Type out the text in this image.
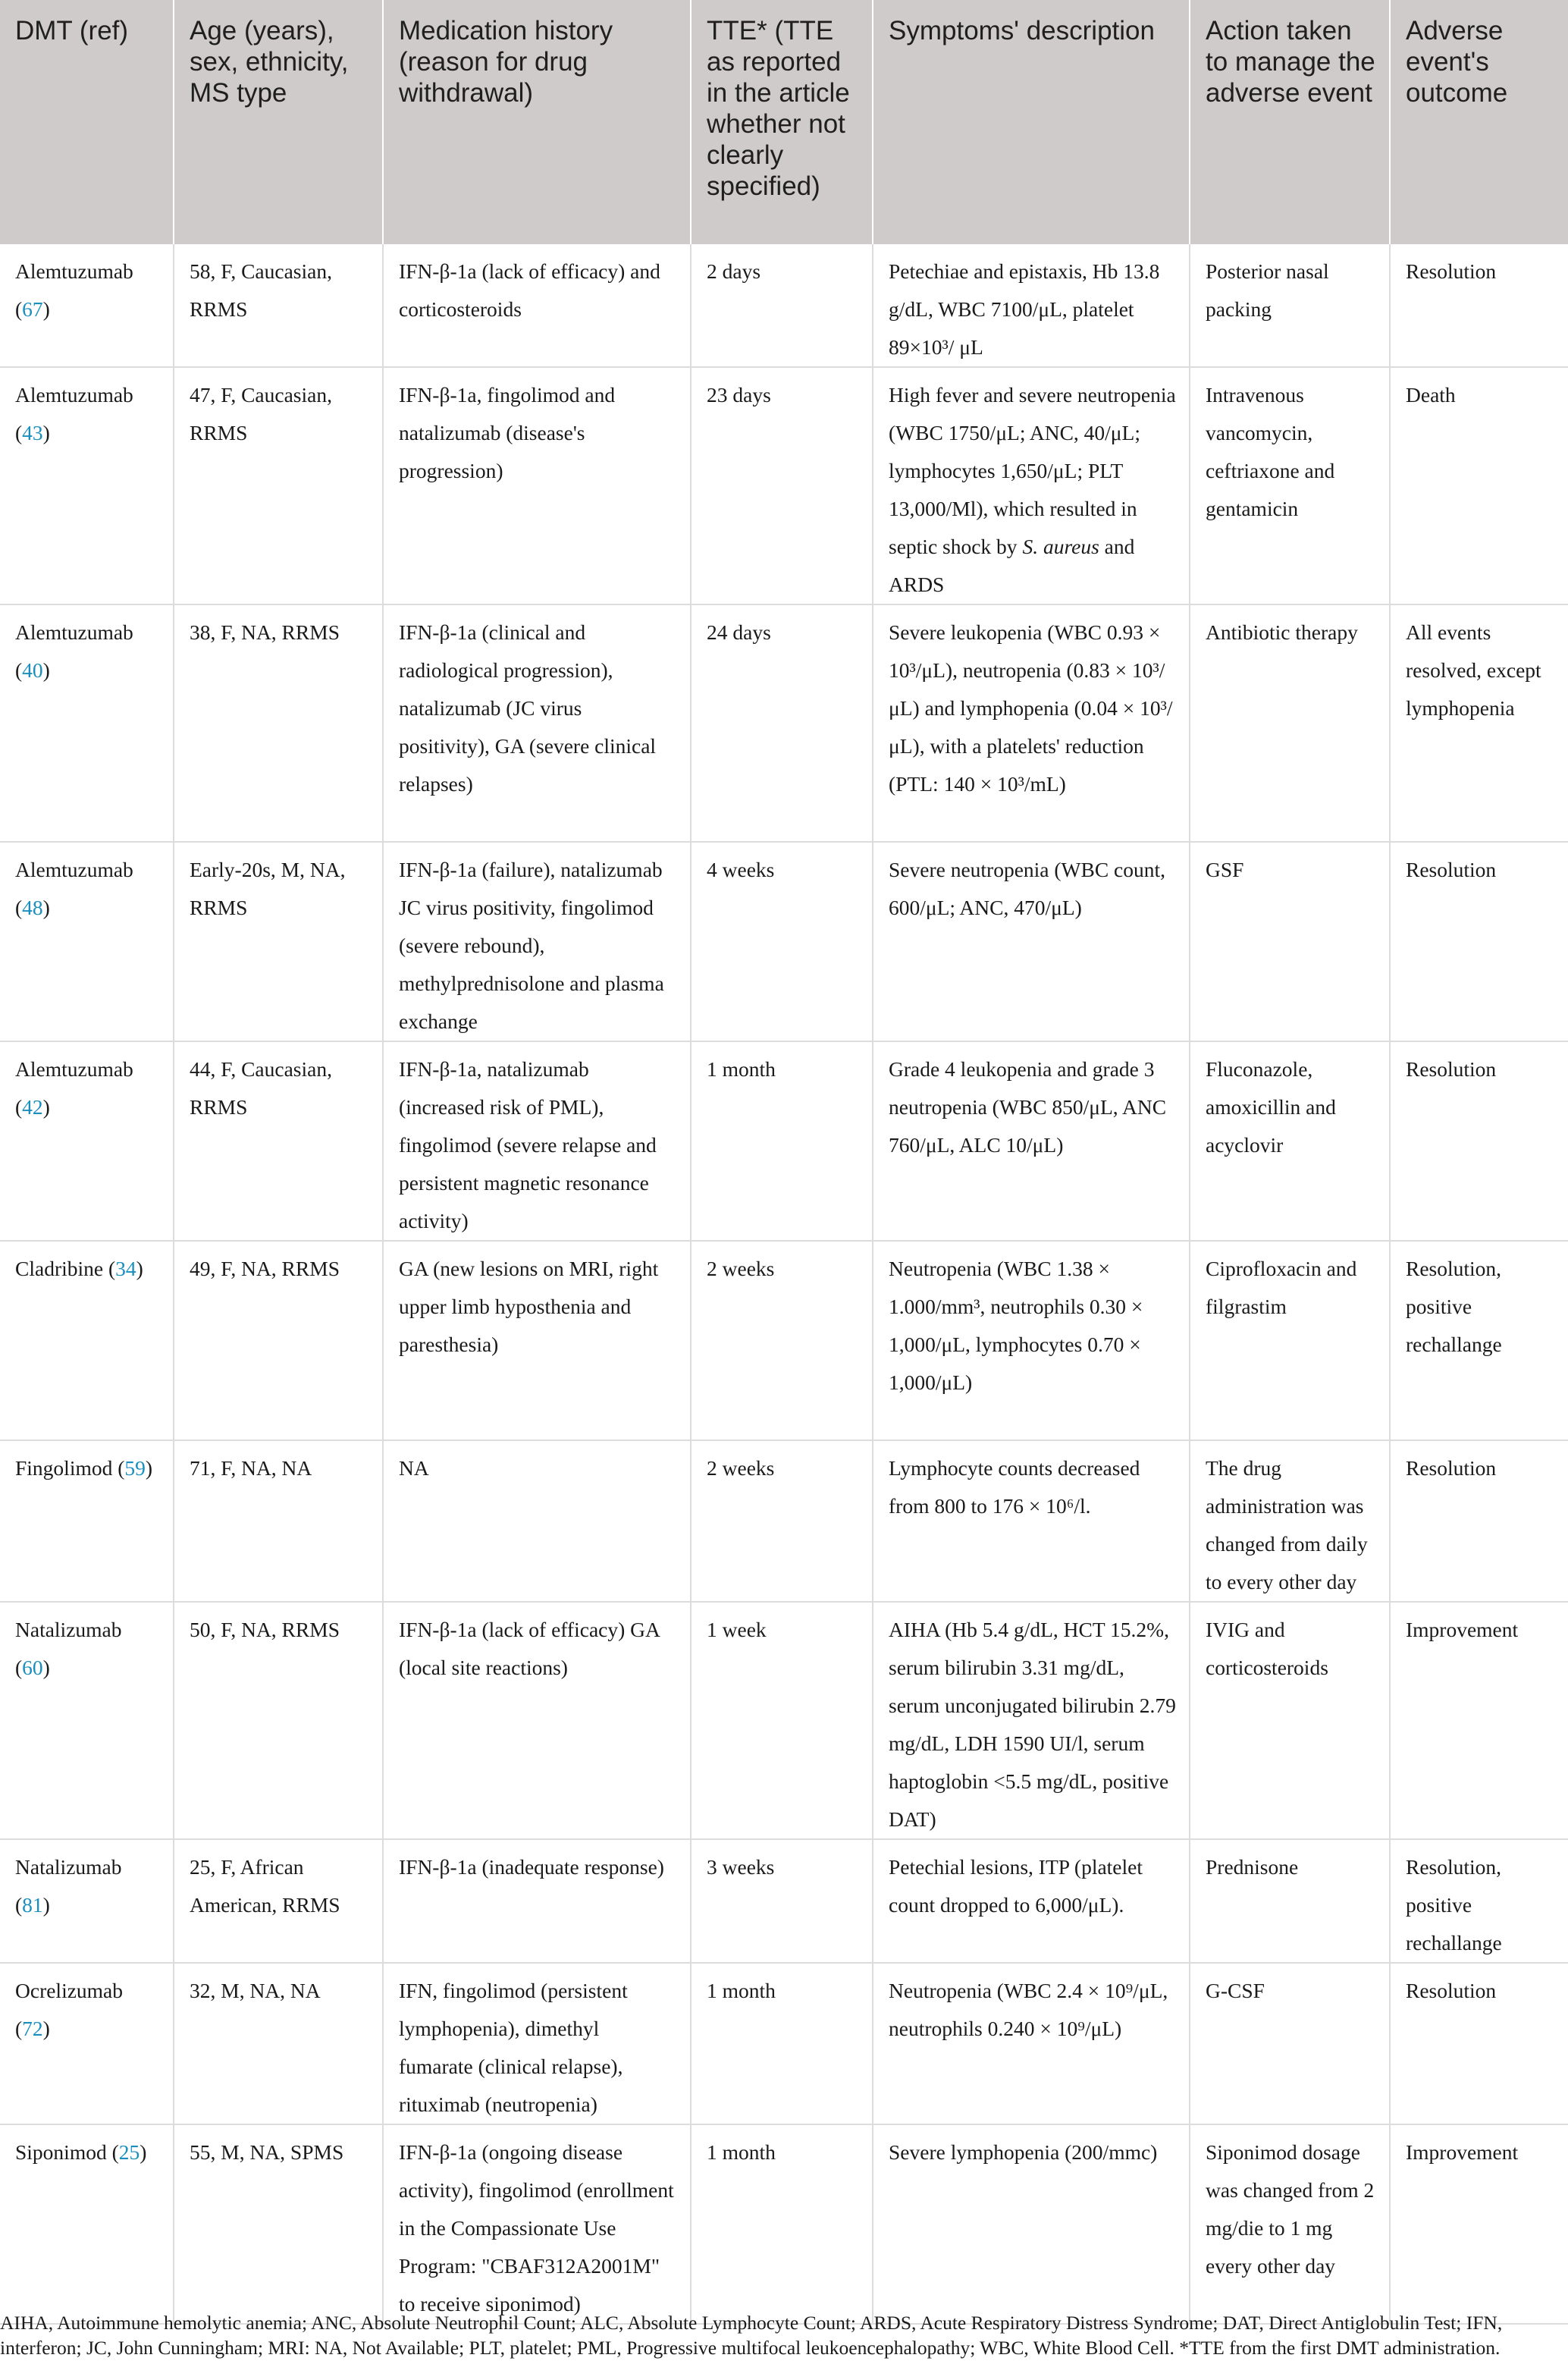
DMT (ref)	Age (years), sex, ethnicity, MS type	Medication history (reason for drug withdrawal)	TTE* (TTE as reported in the article whether not clearly specified)	Symptoms' description	Action taken to manage the adverse event	Adverse event's outcome
Alemtuzumab (67)	58, F, Caucasian, RRMS	IFN-β-1a (lack of efficacy) and corticosteroids	2 days	Petechiae and epistaxis, Hb 13.8 g/dL, WBC 7100/μL, platelet 89×10³/ μL	Posterior nasal packing	Resolution
Alemtuzumab (43)	47, F, Caucasian, RRMS	IFN-β-1a, fingolimod and natalizumab (disease's progression)	23 days	High fever and severe neutropenia (WBC 1750/μL; ANC, 40/μL; lymphocytes 1,650/μL; PLT 13,000/Ml), which resulted in septic shock by S. aureus and ARDS	Intravenous vancomycin, ceftriaxone and gentamicin	Death
Alemtuzumab (40)	38, F, NA, RRMS	IFN-β-1a (clinical and radiological progression), natalizumab (JC virus positivity), GA (severe clinical relapses)	24 days	Severe leukopenia (WBC 0.93 × 10³/μL), neutropenia (0.83 × 10³/μL) and lymphopenia (0.04 × 10³/μL), with a platelets' reduction (PTL: 140 × 10³/mL)	Antibiotic therapy	All events resolved, except lymphopenia
Alemtuzumab (48)	Early-20s, M, NA, RRMS	IFN-β-1a (failure), natalizumab JC virus positivity, fingolimod (severe rebound), methylprednisolone and plasma exchange	4 weeks	Severe neutropenia (WBC count, 600/μL; ANC, 470/μL)	GSF	Resolution
Alemtuzumab (42)	44, F, Caucasian, RRMS	IFN-β-1a, natalizumab (increased risk of PML), fingolimod (severe relapse and persistent magnetic resonance activity)	1 month	Grade 4 leukopenia and grade 3 neutropenia (WBC 850/μL, ANC 760/μL, ALC 10/μL)	Fluconazole, amoxicillin and acyclovir	Resolution
Cladribine (34)	49, F, NA, RRMS	GA (new lesions on MRI, right upper limb hyposthenia and paresthesia)	2 weeks	Neutropenia (WBC 1.38 × 1.000/mm³, neutrophils 0.30 × 1,000/μL, lymphocytes 0.70 × 1,000/μL)	Ciprofloxacin and filgrastim	Resolution, positive rechallange
Fingolimod (59)	71, F, NA, NA	NA	2 weeks	Lymphocyte counts decreased from 800 to 176 × 10⁶/l.	The drug administration was changed from daily to every other day	Resolution
Natalizumab (60)	50, F, NA, RRMS	IFN-β-1a (lack of efficacy) GA (local site reactions)	1 week	AIHA (Hb 5.4 g/dL, HCT 15.2%, serum bilirubin 3.31 mg/dL, serum unconjugated bilirubin 2.79 mg/dL, LDH 1590 UI/l, serum haptoglobin <5.5 mg/dL, positive DAT)	IVIG and corticosteroids	Improvement
Natalizumab (81)	25, F, African American, RRMS	IFN-β-1a (inadequate response)	3 weeks	Petechial lesions, ITP (platelet count dropped to 6,000/μL).	Prednisone	Resolution, positive rechallange
Ocrelizumab (72)	32, M, NA, NA	IFN, fingolimod (persistent lymphopenia), dimethyl fumarate (clinical relapse), rituximab (neutropenia)	1 month	Neutropenia (WBC 2.4 × 10⁹/μL, neutrophils 0.240 × 10⁹/μL)	G-CSF	Resolution
Siponimod (25)	55, M, NA, SPMS	IFN-β-1a (ongoing disease activity), fingolimod (enrollment in the Compassionate Use Program: "CBAF312A2001M" to receive siponimod)	1 month	Severe lymphopenia (200/mmc)	Siponimod dosage was changed from 2 mg/die to 1 mg every other day	Improvement
AIHA, Autoimmune hemolytic anemia; ANC, Absolute Neutrophil Count; ALC, Absolute Lymphocyte Count; ARDS, Acute Respiratory Distress Syndrome; DAT, Direct Antiglobulin Test; IFN,
interferon; JC, John Cunningham; MRI: NA, Not Available; PLT, platelet; PML, Progressive multifocal leukoencephalopathy; WBC, White Blood Cell. *TTE from the first DMT administration.
